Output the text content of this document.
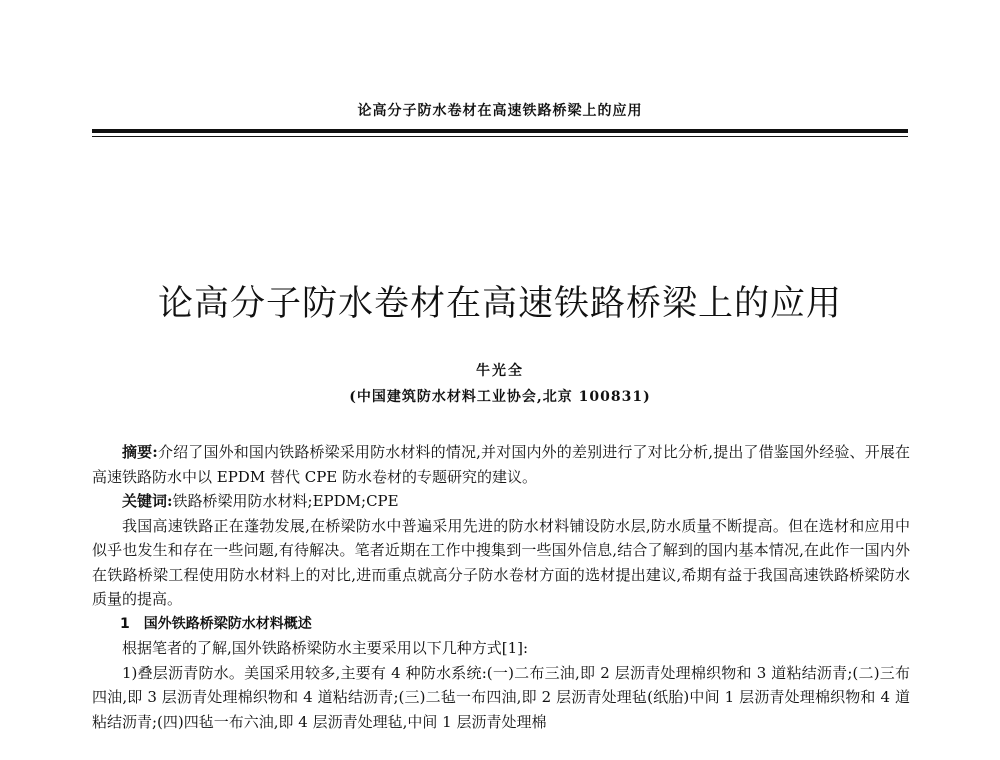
论高分子防水卷材在高速铁路桥梁上的应用
论高分子防水卷材在高速铁路桥梁上的应用
牛光全
(中国建筑防水材料工业协会,北京 100831)

摘要:介绍了国外和国内铁路桥梁采用防水材料的情况,并对国内外的差别进行了对比分析,提出了借鉴国外经验、开展在高速铁路防水中以 EPDM 替代 CPE 防水卷材的专题研究的建议。

关键词:铁路桥梁用防水材料;EPDM;CPE

我国高速铁路正在蓬勃发展,在桥梁防水中普遍采用先进的防水材料铺设防水层,防水质量不断提高。但在选材和应用中似乎也发生和存在一些问题,有待解决。笔者近期在工作中搜集到一些国外信息,结合了解到的国内基本情况,在此作一国内外在铁路桥梁工程使用防水材料上的对比,进而重点就高分子防水卷材方面的选材提出建议,希期有益于我国高速铁路桥梁防水质量的提高。

1　国外铁路桥梁防水材料概述

根据笔者的了解,国外铁路桥梁防水主要采用以下几种方式[1]:

1)叠层沥青防水。美国采用较多,主要有 4 种防水系统:(一)二布三油,即 2 层沥青处理棉织物和 3 道粘结沥青;(二)三布四油,即 3 层沥青处理棉织物和 4 道粘结沥青;(三)二毡一布四油,即 2 层沥青处理毡(纸胎)中间 1 层沥青处理棉织物和 4 道粘结沥青;(四)四毡一布六油,即 4 层沥青处理毡,中间 1 层沥青处理棉
